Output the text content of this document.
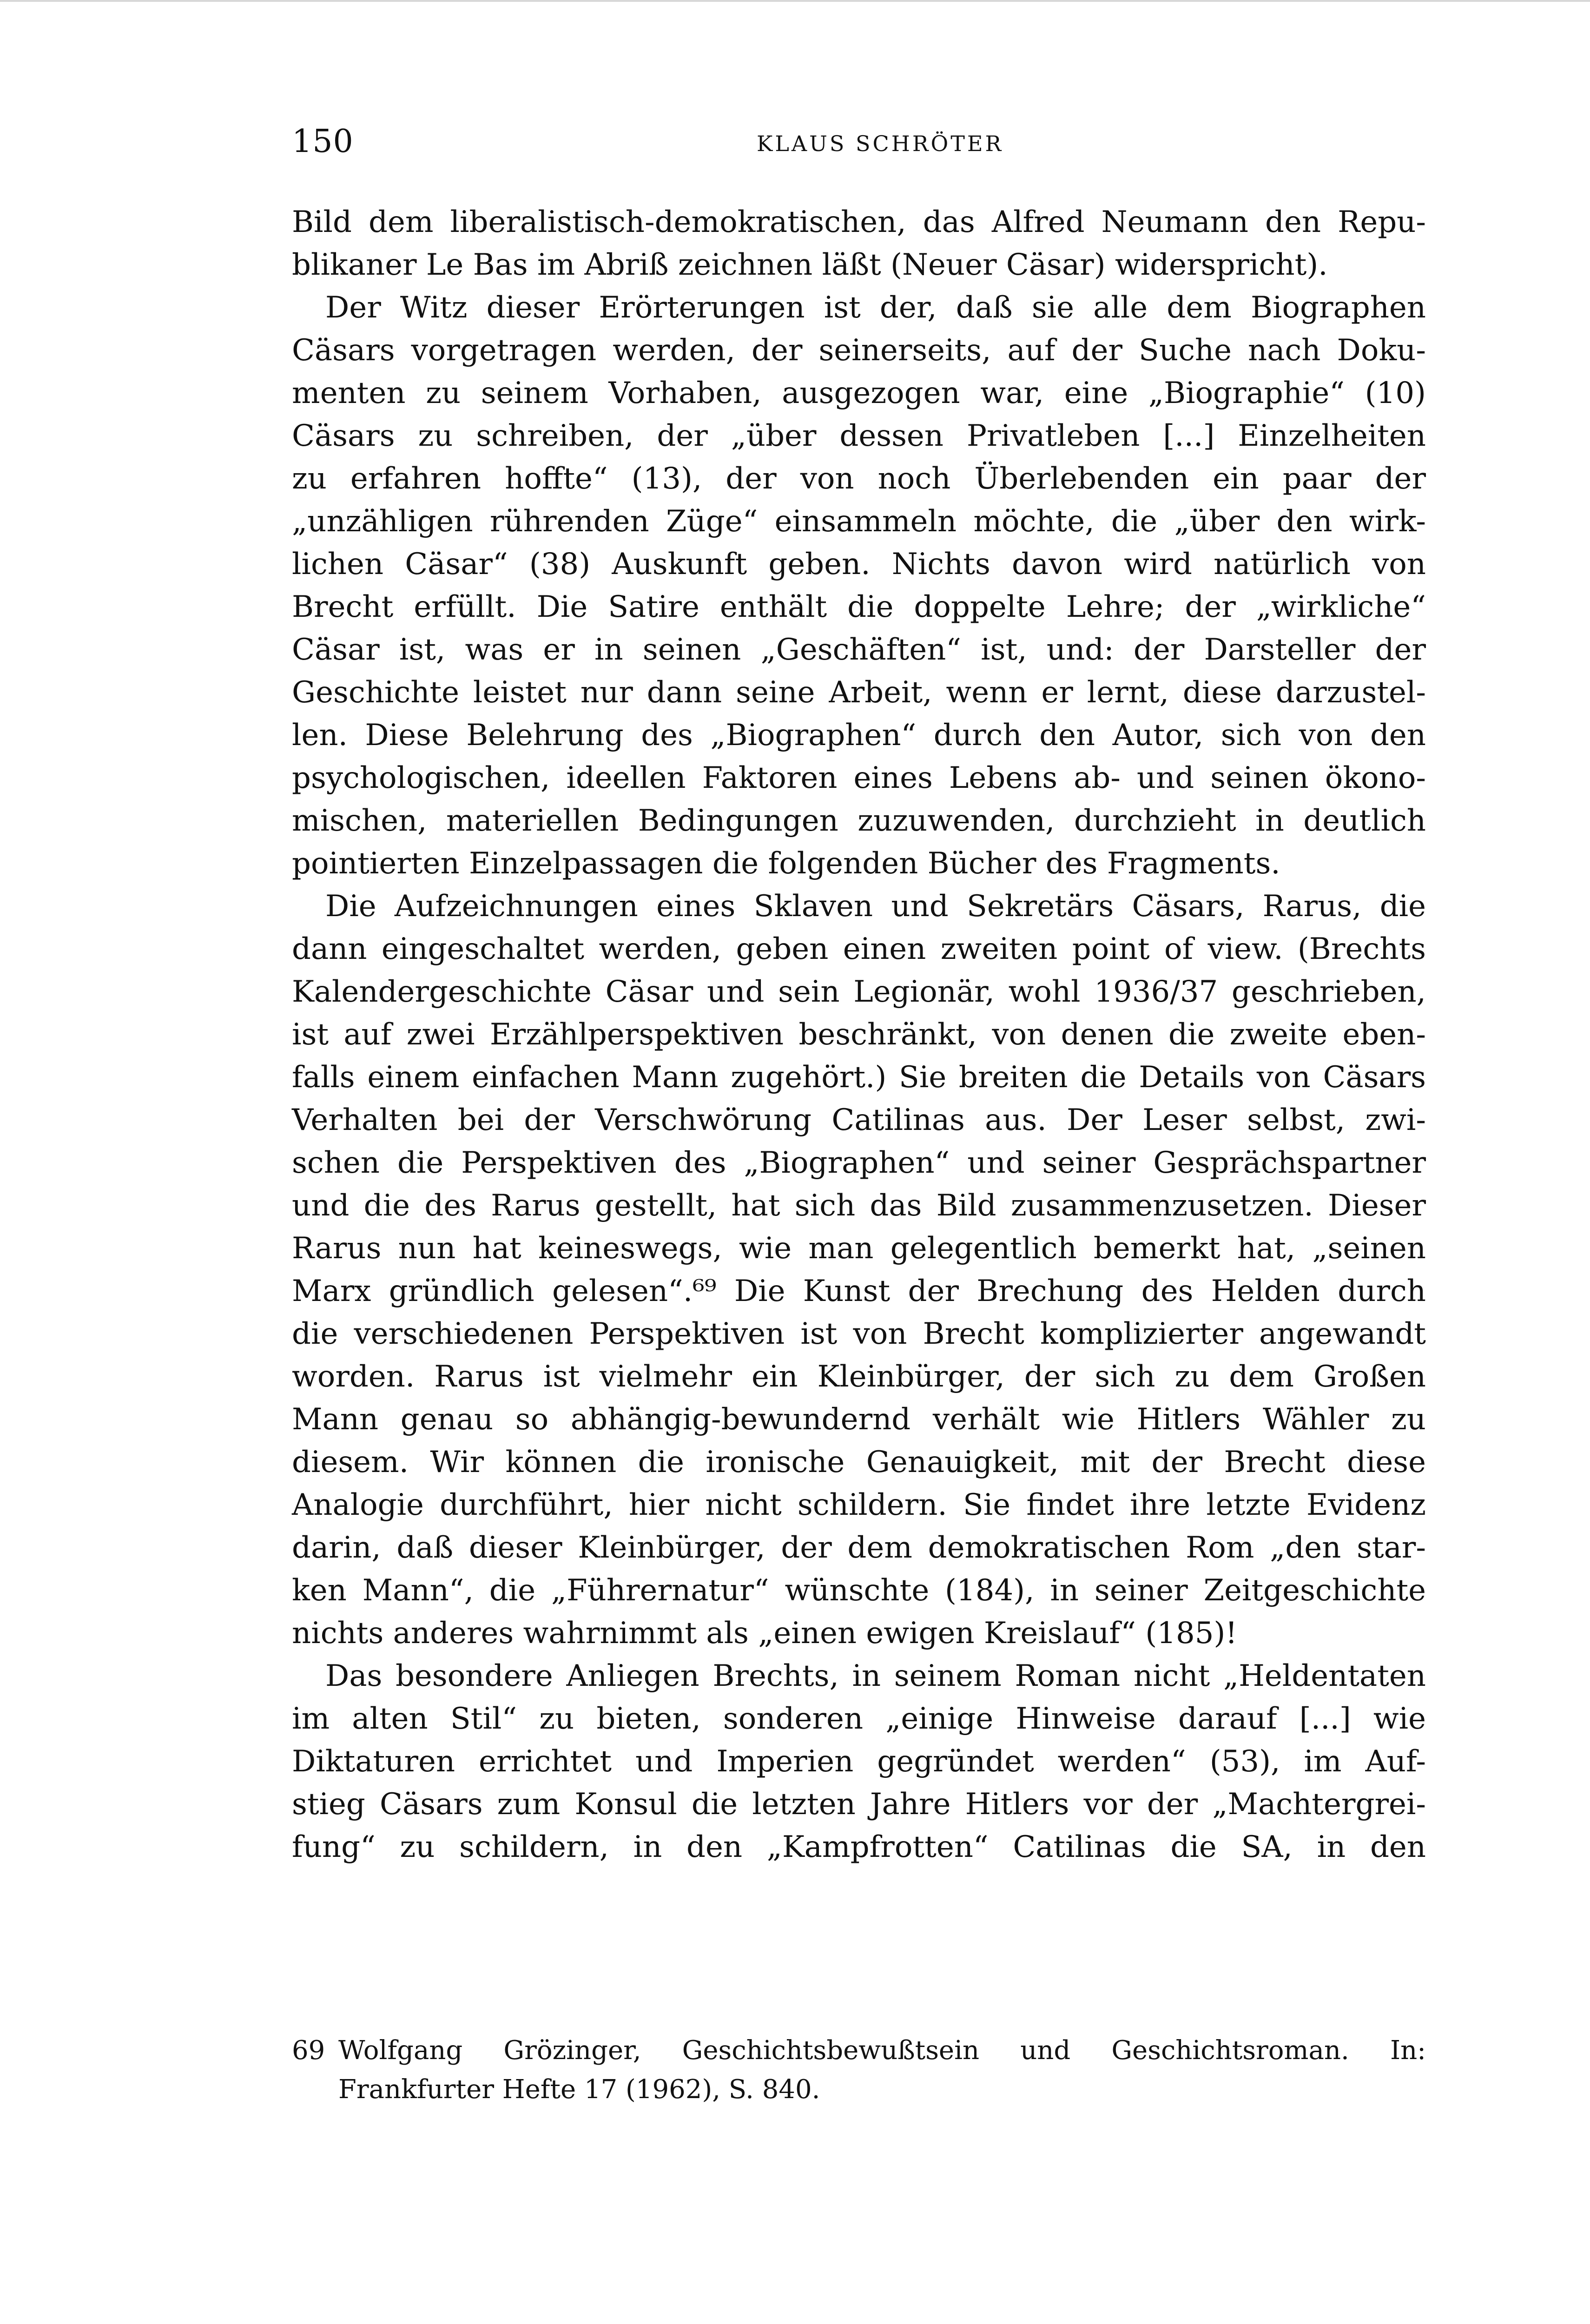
150	KLAUS SCHRÖTER
Bild dem liberalistisch-demokratischen, das Alfred Neumann den Repu-
blikaner Le Bas im Abriß zeichnen läßt (Neuer Cäsar) widerspricht).
Der Witz dieser Erörterungen ist der, daß sie alle dem Biographen
Cäsars vorgetragen werden, der seinerseits, auf der Suche nach Doku-
menten zu seinem Vorhaben, ausgezogen war, eine „Biographie“ (10)
Cäsars zu schreiben, der „über dessen Privatleben [...] Einzelheiten
zu erfahren hoffte“ (13), der von noch Überlebenden ein paar der
„unzähligen rührenden Züge“ einsammeln möchte, die „über den wirk-
lichen Cäsar“ (38) Auskunft geben. Nichts davon wird natürlich von
Brecht erfüllt. Die Satire enthält die doppelte Lehre; der „wirkliche“
Cäsar ist, was er in seinen „Geschäften“ ist, und: der Darsteller der
Geschichte leistet nur dann seine Arbeit, wenn er lernt, diese darzustel-
len. Diese Belehrung des „Biographen“ durch den Autor, sich von den
psychologischen, ideellen Faktoren eines Lebens ab- und seinen ökono-
mischen, materiellen Bedingungen zuzuwenden, durchzieht in deutlich
pointierten Einzelpassagen die folgenden Bücher des Fragments.
Die Aufzeichnungen eines Sklaven und Sekretärs Cäsars, Rarus, die
dann eingeschaltet werden, geben einen zweiten point of view. (Brechts
Kalendergeschichte Cäsar und sein Legionär, wohl 1936/37 geschrieben,
ist auf zwei Erzählperspektiven beschränkt, von denen die zweite eben-
falls einem einfachen Mann zugehört.) Sie breiten die Details von Cäsars
Verhalten bei der Verschwörung Catilinas aus. Der Leser selbst, zwi-
schen die Perspektiven des „Biographen“ und seiner Gesprächspartner
und die des Rarus gestellt, hat sich das Bild zusammenzusetzen. Dieser
Rarus nun hat keineswegs, wie man gelegentlich bemerkt hat, „seinen
Marx gründlich gelesen“.⁶⁹ Die Kunst der Brechung des Helden durch
die verschiedenen Perspektiven ist von Brecht komplizierter angewandt
worden. Rarus ist vielmehr ein Kleinbürger, der sich zu dem Großen
Mann genau so abhängig-bewundernd verhält wie Hitlers Wähler zu
diesem. Wir können die ironische Genauigkeit, mit der Brecht diese
Analogie durchführt, hier nicht schildern. Sie findet ihre letzte Evidenz
darin, daß dieser Kleinbürger, der dem demokratischen Rom „den star-
ken Mann“, die „Führernatur“ wünschte (184), in seiner Zeitgeschichte
nichts anderes wahrnimmt als „einen ewigen Kreislauf“ (185)!
Das besondere Anliegen Brechts, in seinem Roman nicht „Heldentaten
im alten Stil“ zu bieten, sonderen „einige Hinweise darauf [...] wie
Diktaturen errichtet und Imperien gegründet werden“ (53), im Auf-
stieg Cäsars zum Konsul die letzten Jahre Hitlers vor der „Machtergrei-
fung“ zu schildern, in den „Kampfrotten“ Catilinas die SA, in den
69 Wolfgang Grözinger, Geschichtsbewußtsein und Geschichtsroman. In:
Frankfurter Hefte 17 (1962), S. 840.
